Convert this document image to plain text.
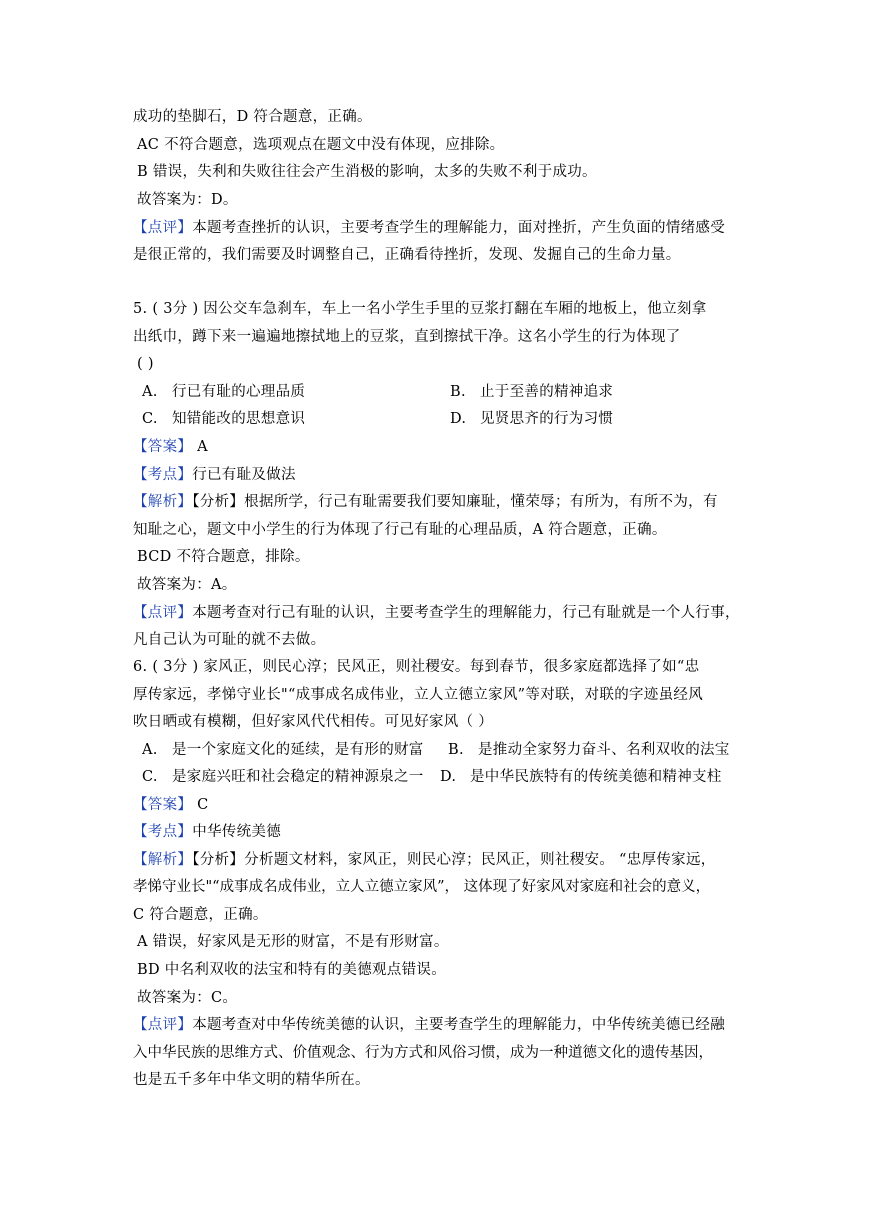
成功的垫脚石，D 符合题意，正确。
AC 不符合题意，选项观点在题文中没有体现，应排除。
B 错误，失利和失败往往会产生消极的影响，太多的失败不利于成功。
故答案为：D。
【点评】本题考查挫折的认识，主要考查学生的理解能力，面对挫折，产生负面的情绪感受
是很正常的，我们需要及时调整自己，正确看待挫折，发现、发掘自己的生命力量。
5. ( 3分 ) 因公交车急刹车，车上一名小学生手里的豆浆打翻在车厢的地板上，他立刻拿
出纸巾，蹲下来一遍遍地擦拭地上的豆浆，直到擦拭干净。这名小学生的行为体现了
( )
A. 行已有耻的心理品质	B. 止于至善的精神追求
C. 知错能改的思想意识	D. 见贤思齐的行为习惯
【答案】 A
【考点】行已有耻及做法
【解析】【分析】根据所学，行己有耻需要我们要知廉耻，懂荣辱；有所为，有所不为，有
知耻之心，题文中小学生的行为体现了行己有耻的心理品质，A 符合题意，正确。
BCD 不符合题意，排除。
故答案为：A。
【点评】本题考查对行己有耻的认识，主要考查学生的理解能力，行己有耻就是一个人行事，
凡自己认为可耻的就不去做。
6. ( 3分 ) 家风正，则民心淳；民风正，则社稷安。每到春节，很多家庭都选择了如“忠
厚传家远，孝悌守业长"“成事成名成伟业，立人立德立家风”等对联，对联的字迹虽经风
吹日晒或有模糊，但好家风代代相传。可见好家风（ ）
A. 是一个家庭文化的延续，是有形的财富 B. 是推动全家努力奋斗、名利双收的法宝
C. 是家庭兴旺和社会稳定的精神源泉之一 D. 是中华民族特有的传统美德和精神支柱
【答案】 C
【考点】中华传统美德
【解析】【分析】分析题文材料，家风正，则民心淳；民风正，则社稷安。 “忠厚传家远，
孝悌守业长"“成事成名成伟业，立人立德立家风”， 这体现了好家风对家庭和社会的意义，
C 符合题意，正确。
A 错误，好家风是无形的财富，不是有形财富。
BD 中名利双收的法宝和特有的美德观点错误。
故答案为：C。
【点评】本题考查对中华传统美德的认识，主要考查学生的理解能力，中华传统美德已经融
入中华民族的思维方式、价值观念、行为方式和风俗习惯，成为一种道德文化的遗传基因，
也是五千多年中华文明的精华所在。
